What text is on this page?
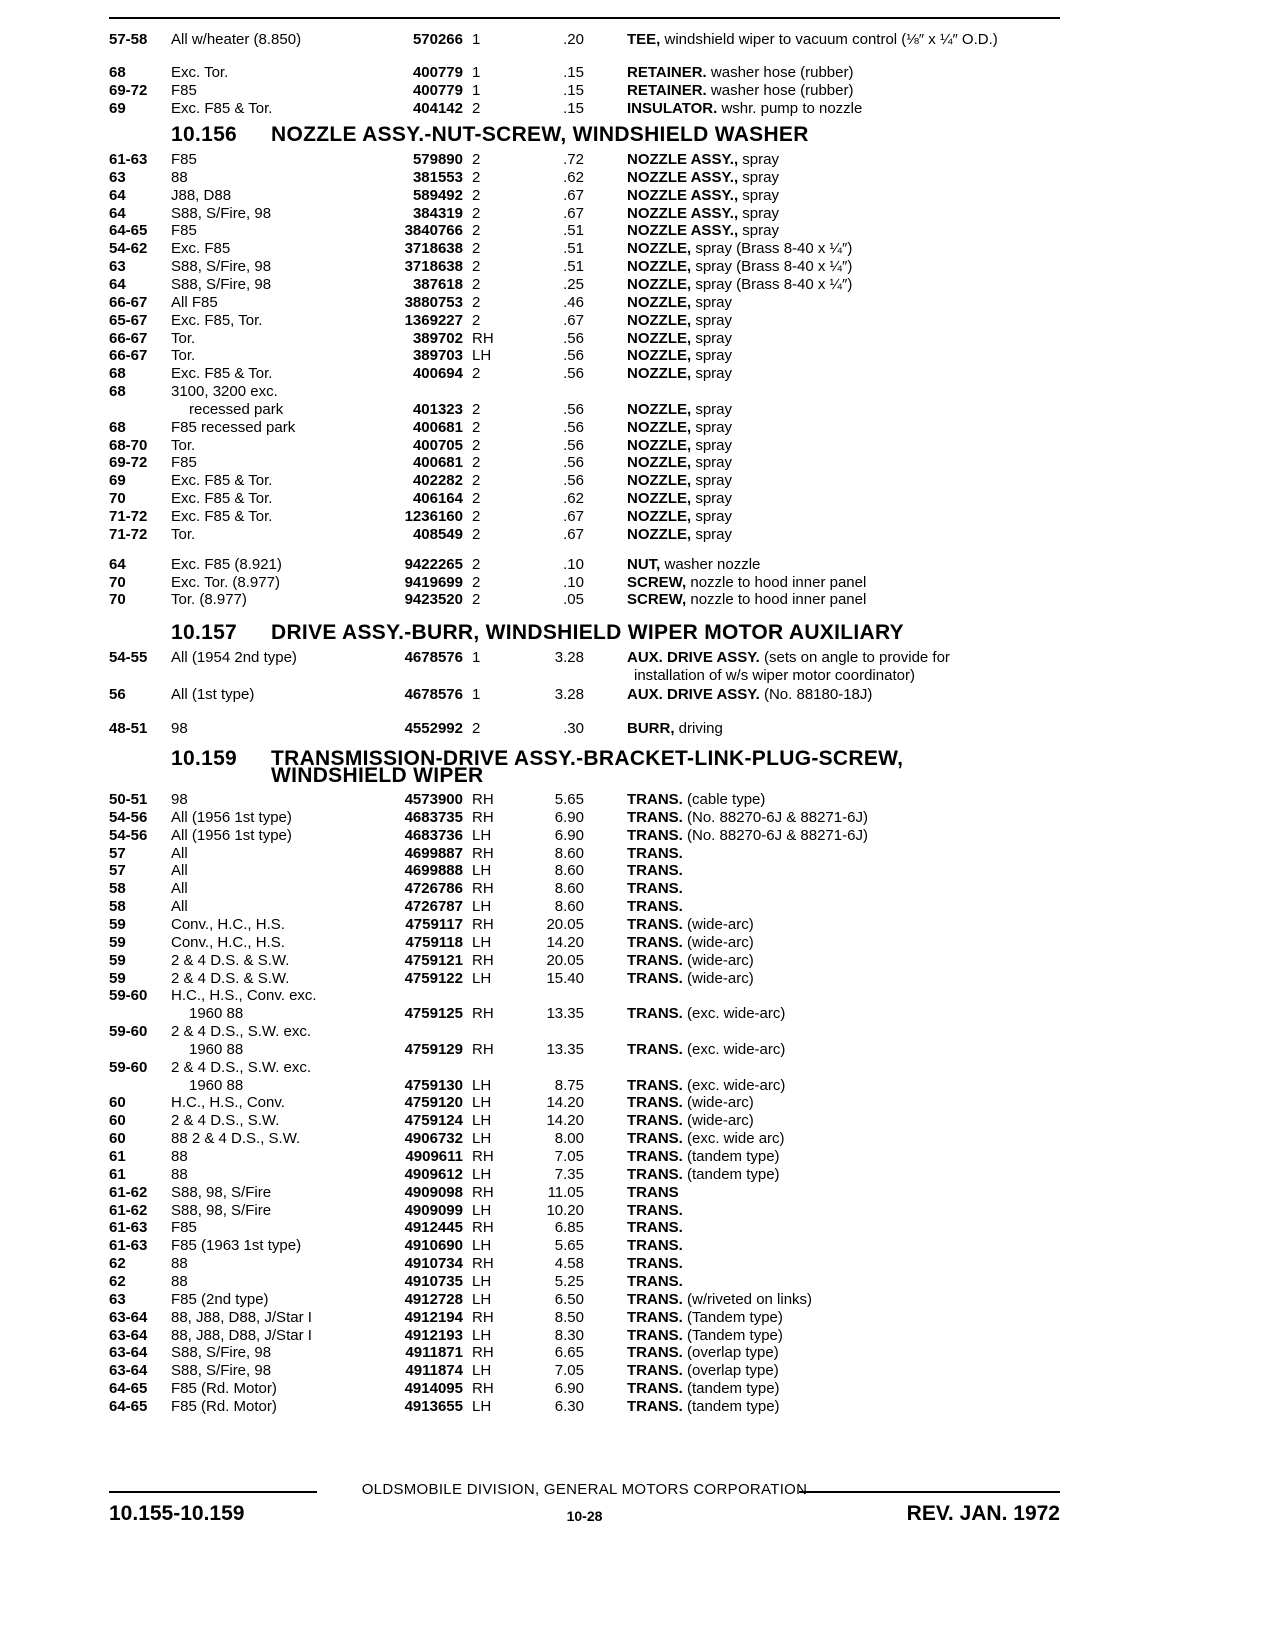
57-58	All w/heater (8.850)	570266 1	.20	TEE, windshield wiper to vacuum control (⅛″ x ¼″ O.D.)
68	Exc. Tor.	400779 1	.15	RETAINER. washer hose (rubber)
69-72	F85	400779 1	.15	RETAINER. washer hose (rubber)
69	Exc. F85 & Tor.	404142 2	.15	INSULATOR. wshr. pump to nozzle
10.156 NOZZLE ASSY.-NUT-SCREW, WINDSHIELD WASHER
61-63	F85	579890 2	.72	NOZZLE ASSY., spray
63	88	381553 2	.62	NOZZLE ASSY., spray
64	J88, D88	589492 2	.67	NOZZLE ASSY., spray
64	S88, S/Fire, 98	384319 2	.67	NOZZLE ASSY., spray
64-65	F85	3840766 2	.51	NOZZLE ASSY., spray
54-62	Exc. F85	3718638 2	.51	NOZZLE, spray (Brass 8-40 x ¼″)
63	S88, S/Fire, 98	3718638 2	.51	NOZZLE, spray (Brass 8-40 x ¼″)
64	S88, S/Fire, 98	387618 2	.25	NOZZLE, spray (Brass 8-40 x ¼″)
66-67	All F85	3880753 2	.46	NOZZLE, spray
65-67	Exc. F85, Tor.	1369227 2	.67	NOZZLE, spray
66-67	Tor.	389702 RH	.56	NOZZLE, spray
66-67	Tor.	389703 LH	.56	NOZZLE, spray
68	Exc. F85 & Tor.	400694 2	.56	NOZZLE, spray
68	3100, 3200 exc.
recessed park	401323 2	.56	NOZZLE, spray
68	F85 recessed park	400681 2	.56	NOZZLE, spray
68-70	Tor.	400705 2	.56	NOZZLE, spray
69-72	F85	400681 2	.56	NOZZLE, spray
69	Exc. F85 & Tor.	402282 2	.56	NOZZLE, spray
70	Exc. F85 & Tor.	406164 2	.62	NOZZLE, spray
71-72	Exc. F85 & Tor.	1236160 2	.67	NOZZLE, spray
71-72	Tor.	408549 2	.67	NOZZLE, spray
64	Exc. F85 (8.921)	9422265 2	.10	NUT, washer nozzle
70	Exc. Tor. (8.977)	9419699 2	.10	SCREW, nozzle to hood inner panel
70	Tor. (8.977)	9423520 2	.05	SCREW, nozzle to hood inner panel
10.157 DRIVE ASSY.-BURR, WINDSHIELD WIPER MOTOR AUXILIARY
54-55	All (1954 2nd type)	4678576 1	3.28	AUX. DRIVE ASSY. (sets on angle to provide for
installation of w/s wiper motor coordinator)
56	All (1st type)	4678576 1	3.28	AUX. DRIVE ASSY. (No. 88180-18J)
48-51	98	4552992 2	.30	BURR, driving
10.159 TRANSMISSION-DRIVE ASSY.-BRACKET-LINK-PLUG-SCREW,
WINDSHIELD WIPER
50-51	98	4573900 RH	5.65	TRANS. (cable type)
54-56	All (1956 1st type)	4683735 RH	6.90	TRANS. (No. 88270-6J & 88271-6J)
54-56	All (1956 1st type)	4683736 LH	6.90	TRANS. (No. 88270-6J & 88271-6J)
57	All	4699887 RH	8.60	TRANS.
57	All	4699888 LH	8.60	TRANS.
58	All	4726786 RH	8.60	TRANS.
58	All	4726787 LH	8.60	TRANS.
59	Conv., H.C., H.S.	4759117 RH	20.05	TRANS. (wide-arc)
59	Conv., H.C., H.S.	4759118 LH	14.20	TRANS. (wide-arc)
59	2 & 4 D.S. & S.W.	4759121 RH	20.05	TRANS. (wide-arc)
59	2 & 4 D.S. & S.W.	4759122 LH	15.40	TRANS. (wide-arc)
59-60	H.C., H.S., Conv. exc.
1960 88	4759125 RH	13.35	TRANS. (exc. wide-arc)
59-60	2 & 4 D.S., S.W. exc.
1960 88	4759129 RH	13.35	TRANS. (exc. wide-arc)
59-60	2 & 4 D.S., S.W. exc.
1960 88	4759130 LH	8.75	TRANS. (exc. wide-arc)
60	H.C., H.S., Conv.	4759120 LH	14.20	TRANS. (wide-arc)
60	2 & 4 D.S., S.W.	4759124 LH	14.20	TRANS. (wide-arc)
60	88 2 & 4 D.S., S.W.	4906732 LH	8.00	TRANS. (exc. wide arc)
61	88	4909611 RH	7.05	TRANS. (tandem type)
61	88	4909612 LH	7.35	TRANS. (tandem type)
61-62	S88, 98, S/Fire	4909098 RH	11.05	TRANS
61-62	S88, 98, S/Fire	4909099 LH	10.20	TRANS.
61-63	F85	4912445 RH	6.85	TRANS.
61-63	F85 (1963 1st type)	4910690 LH	5.65	TRANS.
62	88	4910734 RH	4.58	TRANS.
62	88	4910735 LH	5.25	TRANS.
63	F85 (2nd type)	4912728 LH	6.50	TRANS. (w/riveted on links)
63-64	88, J88, D88, J/Star I	4912194 RH	8.50	TRANS. (Tandem type)
63-64	88, J88, D88, J/Star I	4912193 LH	8.30	TRANS. (Tandem type)
63-64	S88, S/Fire, 98	4911871 RH	6.65	TRANS. (overlap type)
63-64	S88, S/Fire, 98	4911874 LH	7.05	TRANS. (overlap type)
64-65	F85 (Rd. Motor)	4914095 RH	6.90	TRANS. (tandem type)
64-65	F85 (Rd. Motor)	4913655 LH	6.30	TRANS. (tandem type)
OLDSMOBILE DIVISION, GENERAL MOTORS CORPORATION
10.155-10.159	10-28	REV. JAN. 1972
